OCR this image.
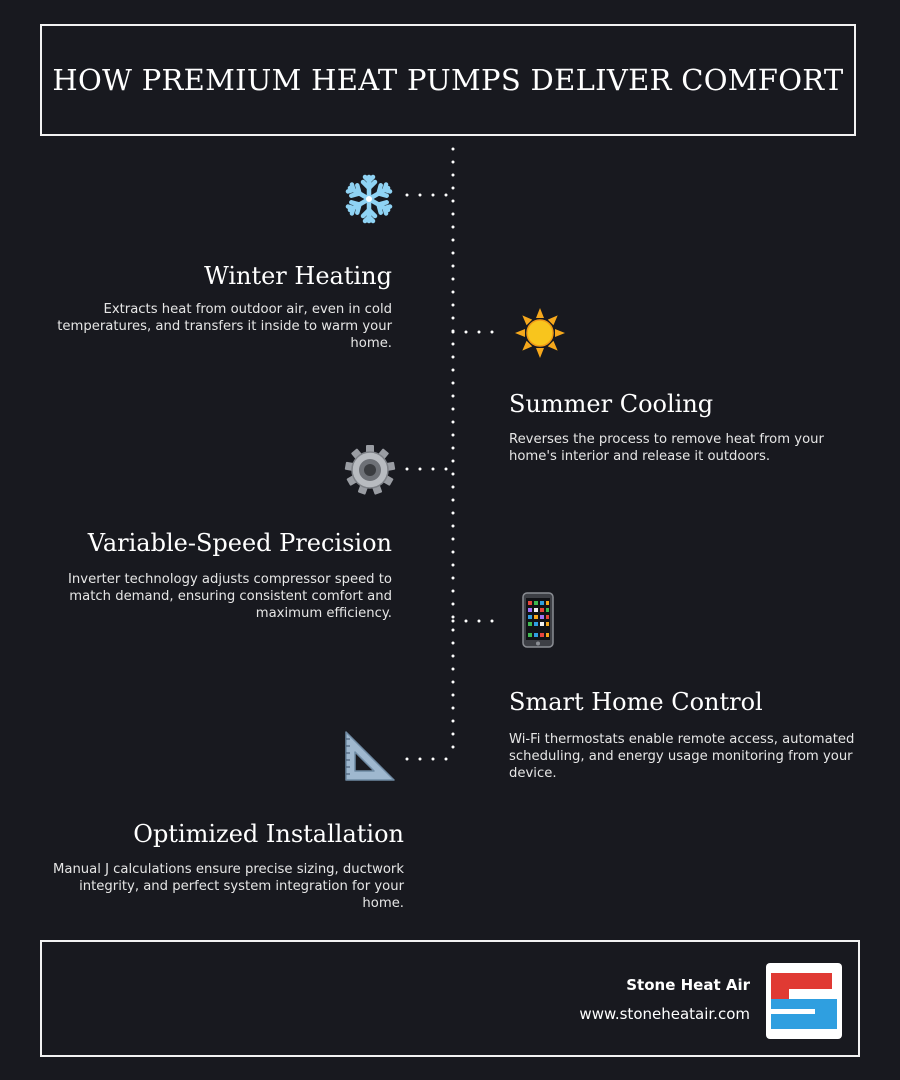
HOW PREMIUM HEAT PUMPS DELIVER COMFORT
Winter Heating

Extracts heat from outdoor air, even in cold temperatures, and transfers it inside to warm your home.

Summer Cooling

Reverses the process to remove heat from your home's interior and release it outdoors.

Variable-Speed Precision

Inverter technology adjusts compressor speed to match demand, ensuring consistent comfort and maximum efficiency.

Smart Home Control

Wi-Fi thermostats enable remote access, automated scheduling, and energy usage monitoring from your device.

Optimized Installation

Manual J calculations ensure precise sizing, ductwork integrity, and perfect system integration for your home.

Stone Heat Air
www.stoneheatair.com
